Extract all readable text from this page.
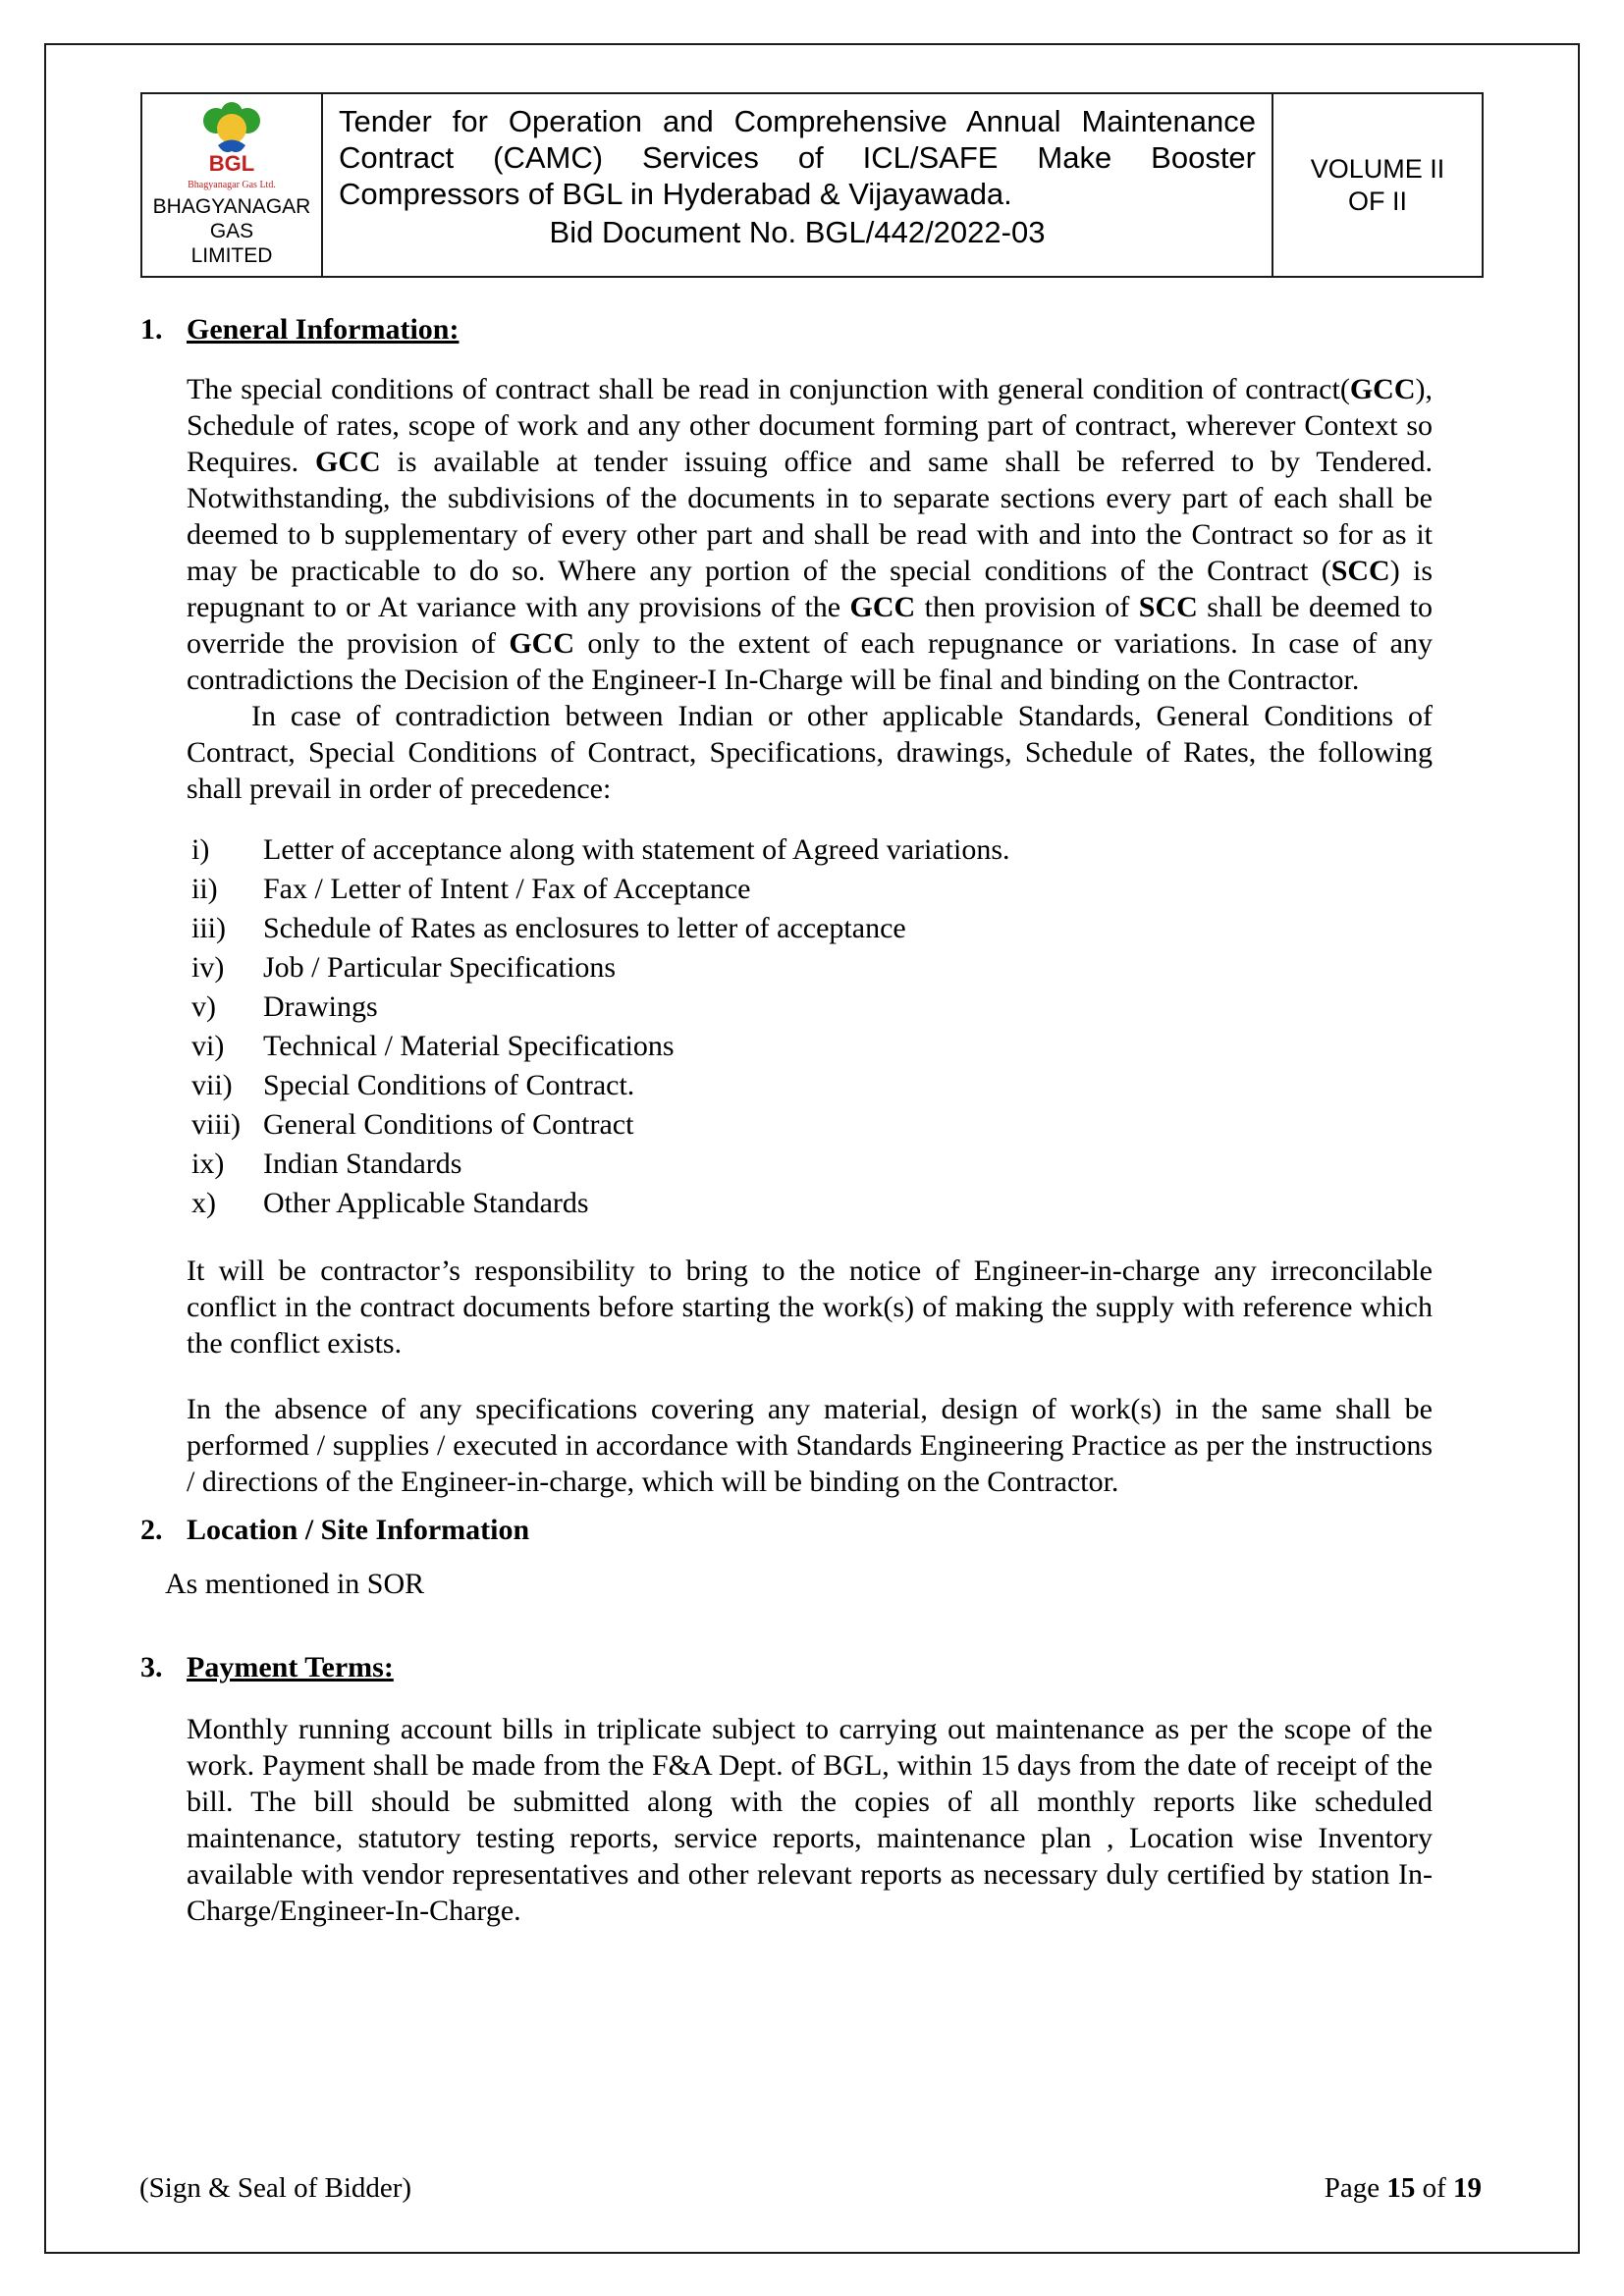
BGL
Bhagyanagar Gas Ltd.
BHAGYANAGAR GAS
LIMITED
Tender for Operation and Comprehensive Annual Maintenance Contract (CAMC) Services of ICL/SAFE Make Booster Compressors of BGL in Hyderabad & Vijayawada.
Bid Document No. BGL/442/2022-03
VOLUME II
OF II
1. General Information:
The special conditions of contract shall be read in conjunction with general condition of contract(GCC), Schedule of rates, scope of work and any other document forming part of contract, wherever Context so Requires. GCC is available at tender issuing office and same shall be referred to by Tendered. Notwithstanding, the subdivisions of the documents in to separate sections every part of each shall be deemed to b supplementary of every other part and shall be read with and into the Contract so for as it may be practicable to do so. Where any portion of the special conditions of the Contract (SCC) is repugnant to or At variance with any provisions of the GCC then provision of SCC shall be deemed to override the provision of GCC only to the extent of each repugnance or variations. In case of any contradictions the Decision of the Engineer-I In-Charge will be final and binding on the Contractor.
In case of contradiction between Indian or other applicable Standards, General Conditions of Contract, Special Conditions of Contract, Specifications, drawings, Schedule of Rates, the following shall prevail in order of precedence:
i)	Letter of acceptance along with statement of Agreed variations.
ii)	Fax / Letter of Intent / Fax of Acceptance
iii)	Schedule of Rates as enclosures to letter of acceptance
iv)	Job / Particular Specifications
v)	Drawings
vi)	Technical / Material Specifications
vii)	Special Conditions of Contract.
viii) General Conditions of Contract
ix)	Indian Standards
x)	Other Applicable Standards
It will be contractor’s responsibility to bring to the notice of Engineer-in-charge any irreconcilable conflict in the contract documents before starting the work(s) of making the supply with reference which the conflict exists.
In the absence of any specifications covering any material, design of work(s) in the same shall be performed / supplies / executed in accordance with Standards Engineering Practice as per the instructions / directions of the Engineer-in-charge, which will be binding on the Contractor.
2. Location / Site Information
As mentioned in SOR
3. Payment Terms:
Monthly running account bills in triplicate subject to carrying out maintenance as per the scope of the work. Payment shall be made from the F&A Dept. of BGL, within 15 days from the date of receipt of the bill. The bill should be submitted along with the copies of all monthly reports like scheduled maintenance, statutory testing reports, service reports, maintenance plan , Location wise Inventory available with vendor representatives and other relevant reports as necessary duly certified by station In-Charge/Engineer-In-Charge.
(Sign & Seal of Bidder)	Page 15 of 19
